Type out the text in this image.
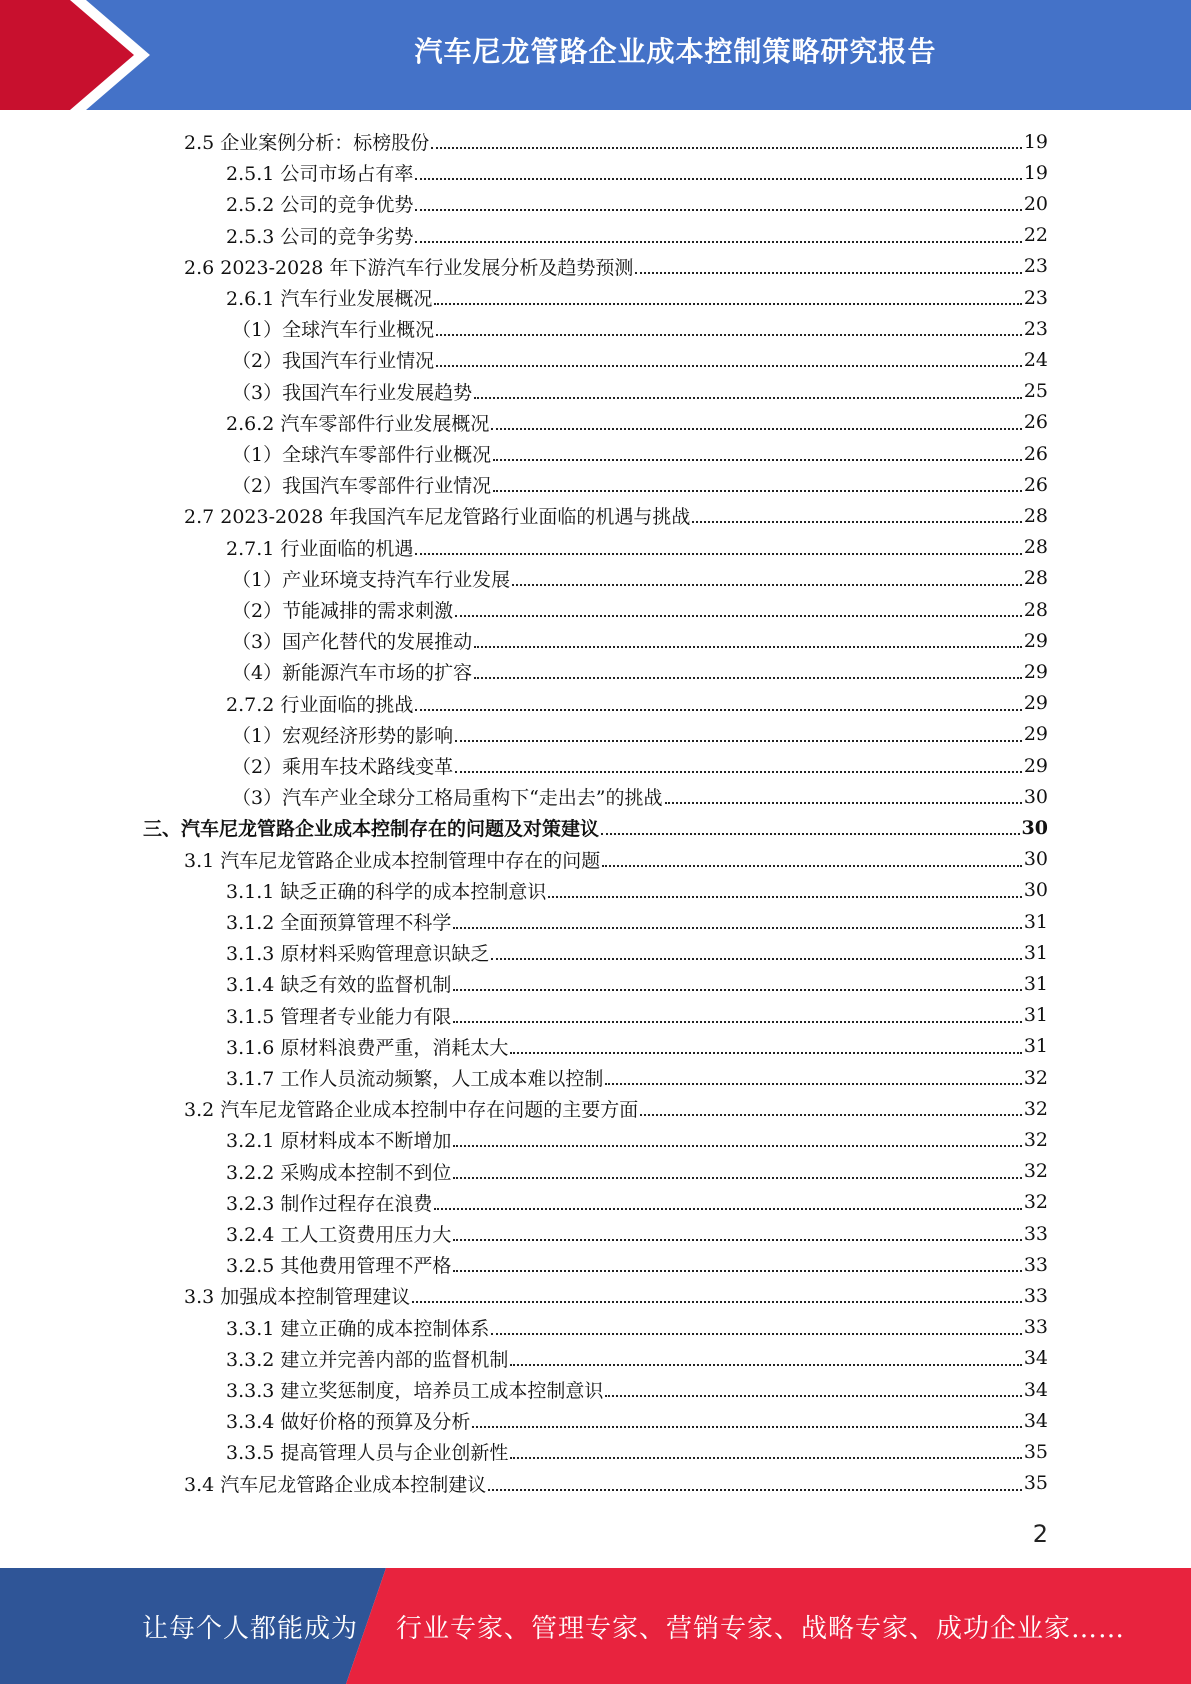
汽车尼龙管路企业成本控制策略研究报告
2.5 企业案例分析：标榜股份	19
2.5.1 公司市场占有率	19
2.5.2 公司的竞争优势	20
2.5.3 公司的竞争劣势	22
2.6 2023-2028 年下游汽车行业发展分析及趋势预测	23
2.6.1 汽车行业发展概况	23
（1）全球汽车行业概况	23
（2）我国汽车行业情况	24
（3）我国汽车行业发展趋势	25
2.6.2 汽车零部件行业发展概况	26
（1）全球汽车零部件行业概况	26
（2）我国汽车零部件行业情况	26
2.7 2023-2028 年我国汽车尼龙管路行业面临的机遇与挑战	28
2.7.1 行业面临的机遇	28
（1）产业环境支持汽车行业发展	28
（2）节能减排的需求刺激	28
（3）国产化替代的发展推动	29
（4）新能源汽车市场的扩容	29
2.7.2 行业面临的挑战	29
（1）宏观经济形势的影响	29
（2）乘用车技术路线变革	29
（3）汽车产业全球分工格局重构下“走出去”的挑战	30
三、汽车尼龙管路企业成本控制存在的问题及对策建议	30
3.1 汽车尼龙管路企业成本控制管理中存在的问题	30
3.1.1 缺乏正确的科学的成本控制意识	30
3.1.2 全面预算管理不科学	31
3.1.3 原材料采购管理意识缺乏	31
3.1.4 缺乏有效的监督机制	31
3.1.5 管理者专业能力有限	31
3.1.6 原材料浪费严重，消耗太大	31
3.1.7 工作人员流动频繁，人工成本难以控制	32
3.2 汽车尼龙管路企业成本控制中存在问题的主要方面	32
3.2.1 原材料成本不断增加	32
3.2.2 采购成本控制不到位	32
3.2.3 制作过程存在浪费	32
3.2.4 工人工资费用压力大	33
3.2.5 其他费用管理不严格	33
3.3 加强成本控制管理建议	33
3.3.1 建立正确的成本控制体系	33
3.3.2 建立并完善内部的监督机制	34
3.3.3 建立奖惩制度，培养员工成本控制意识	34
3.3.4 做好价格的预算及分析	34
3.3.5 提高管理人员与企业创新性	35
3.4 汽车尼龙管路企业成本控制建议	35
2
让每个人都能成为 行业专家、管理专家、营销专家、战略专家、成功企业家……
